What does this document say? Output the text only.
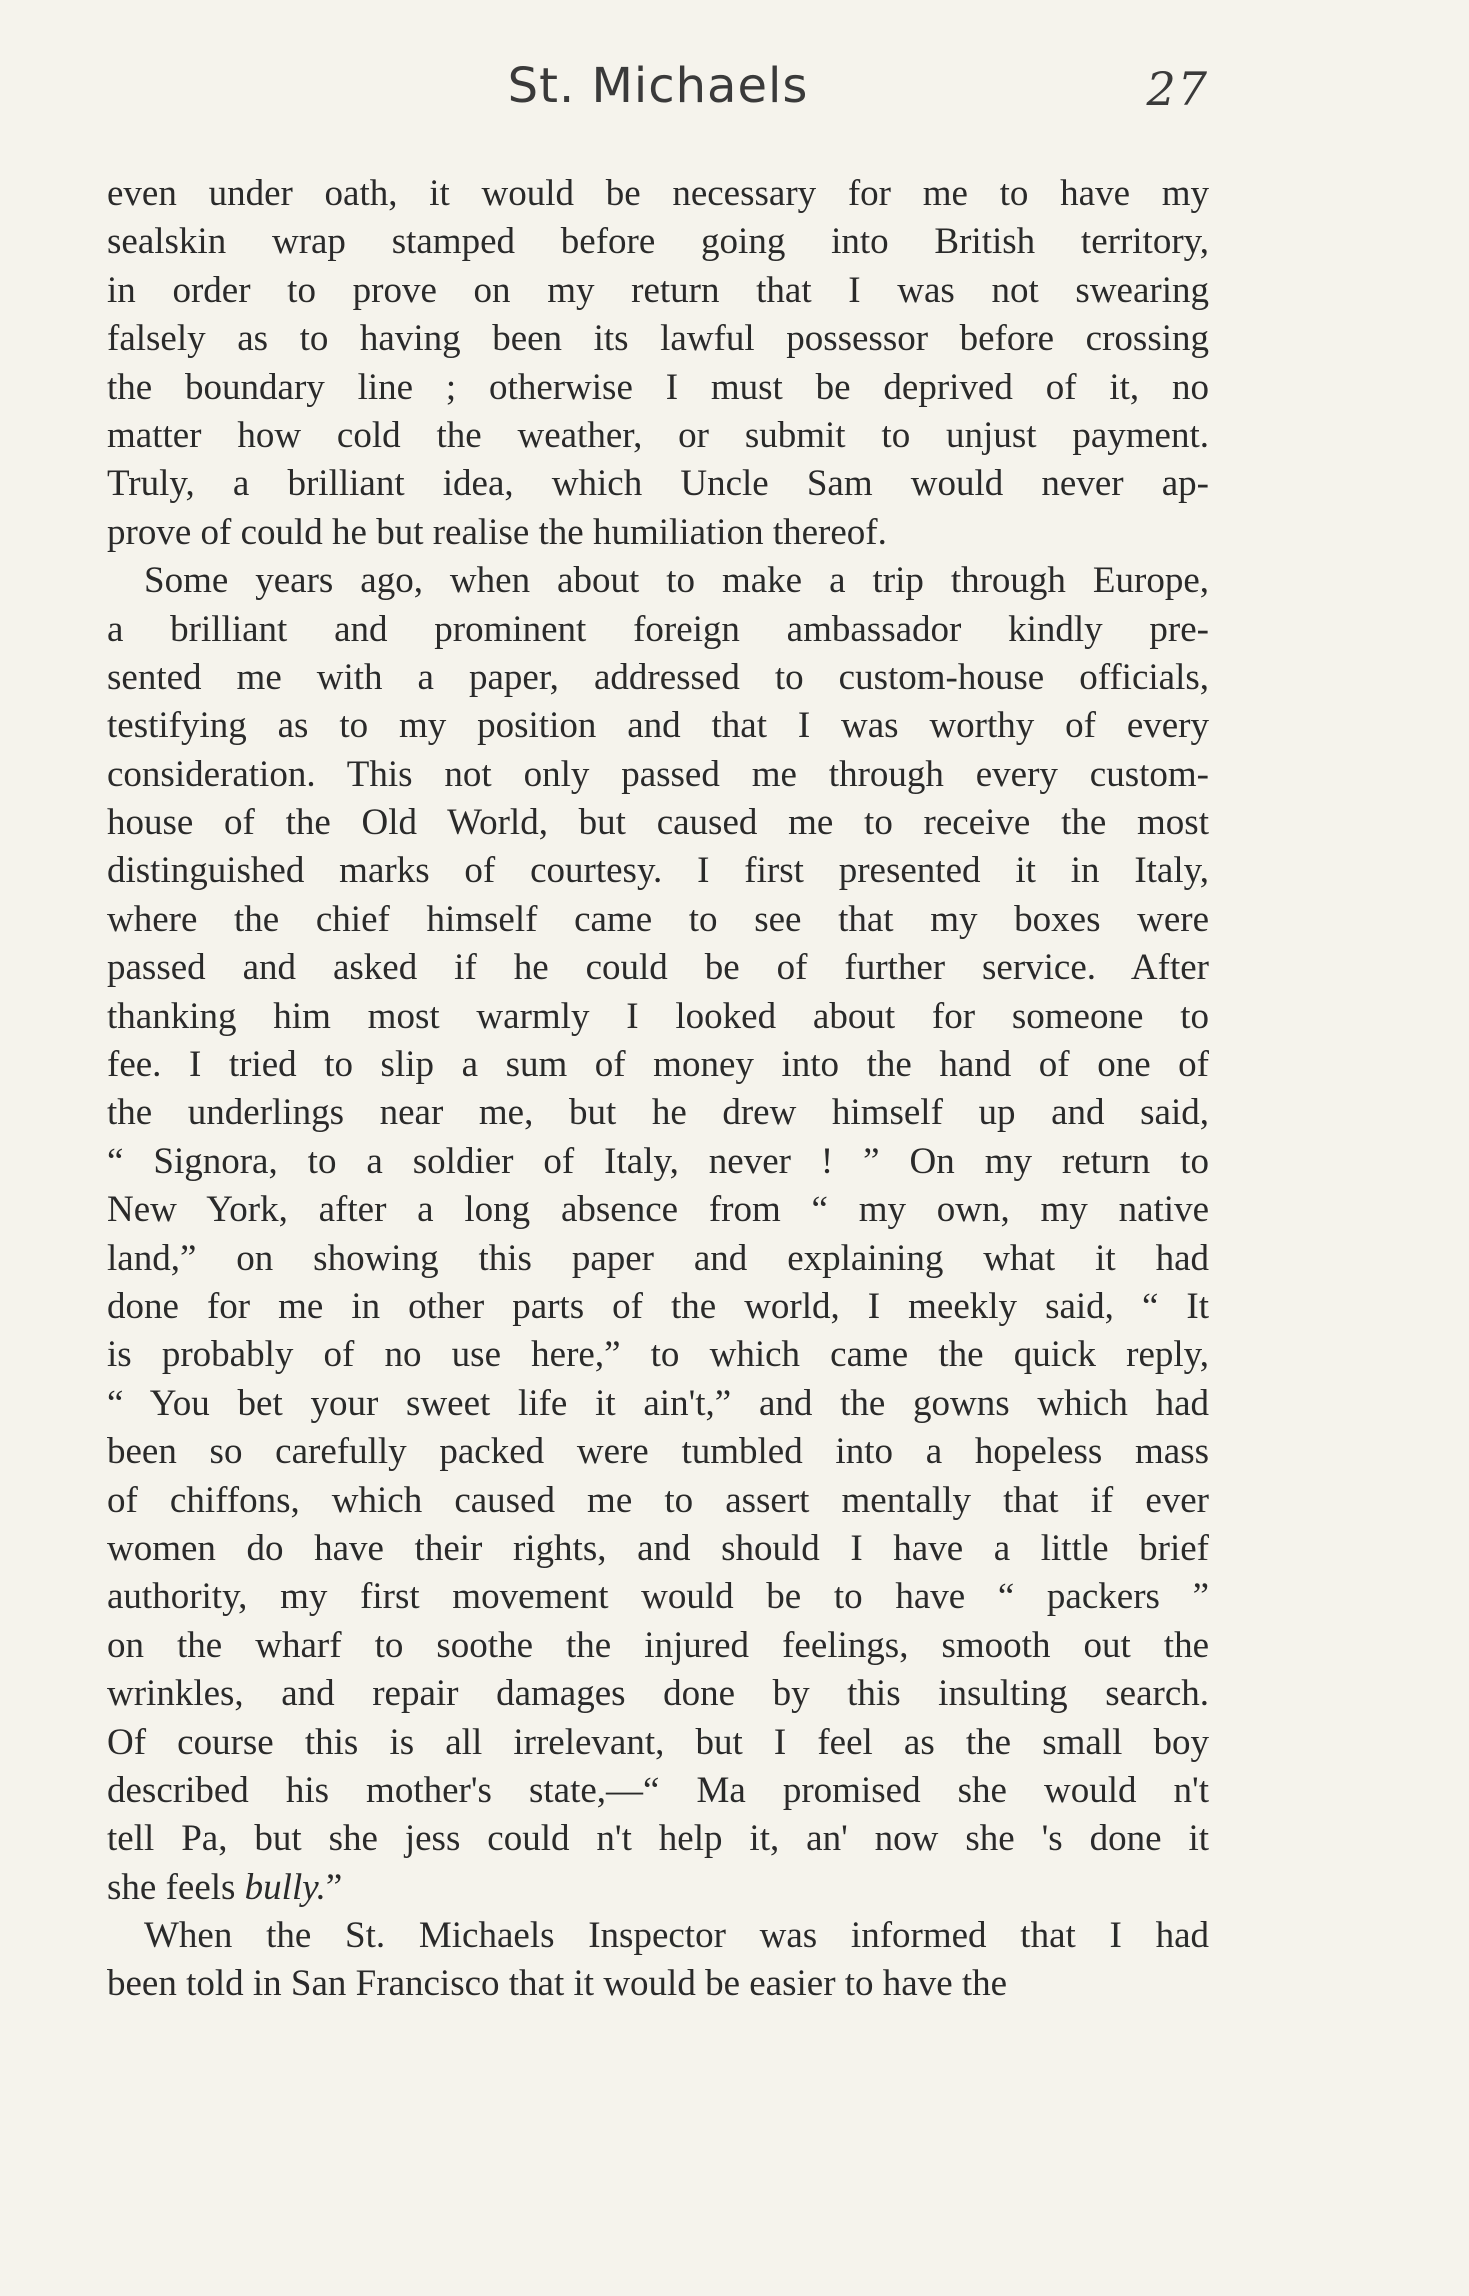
St. Michaels	27
even under oath, it would be necessary for me to have my
sealskin wrap stamped before going into British territory,
in order to prove on my return that I was not swearing
falsely as to having been its lawful possessor before crossing
the boundary line ; otherwise I must be deprived of it, no
matter how cold the weather, or submit to unjust payment.
Truly, a brilliant idea, which Uncle Sam would never ap-
prove of could he but realise the humiliation thereof.
Some years ago, when about to make a trip through Europe,
a brilliant and prominent foreign ambassador kindly pre-
sented me with a paper, addressed to custom-house officials,
testifying as to my position and that I was worthy of every
consideration. This not only passed me through every custom-
house of the Old World, but caused me to receive the most
distinguished marks of courtesy. I first presented it in Italy,
where the chief himself came to see that my boxes were
passed and asked if he could be of further service. After
thanking him most warmly I looked about for someone to
fee. I tried to slip a sum of money into the hand of one of
the underlings near me, but he drew himself up and said,
“ Signora, to a soldier of Italy, never ! ” On my return to
New York, after a long absence from “ my own, my native
land,” on showing this paper and explaining what it had
done for me in other parts of the world, I meekly said, “ It
is probably of no use here,” to which came the quick reply,
“ You bet your sweet life it ain't,” and the gowns which had
been so carefully packed were tumbled into a hopeless mass
of chiffons, which caused me to assert mentally that if ever
women do have their rights, and should I have a little brief
authority, my first movement would be to have “ packers ”
on the wharf to soothe the injured feelings, smooth out the
wrinkles, and repair damages done by this insulting search.
Of course this is all irrelevant, but I feel as the small boy
described his mother's state,—“ Ma promised she would n't
tell Pa, but she jess could n't help it, an' now she 's done it
she feels bully.”
When the St. Michaels Inspector was informed that I had
been told in San Francisco that it would be easier to have the
